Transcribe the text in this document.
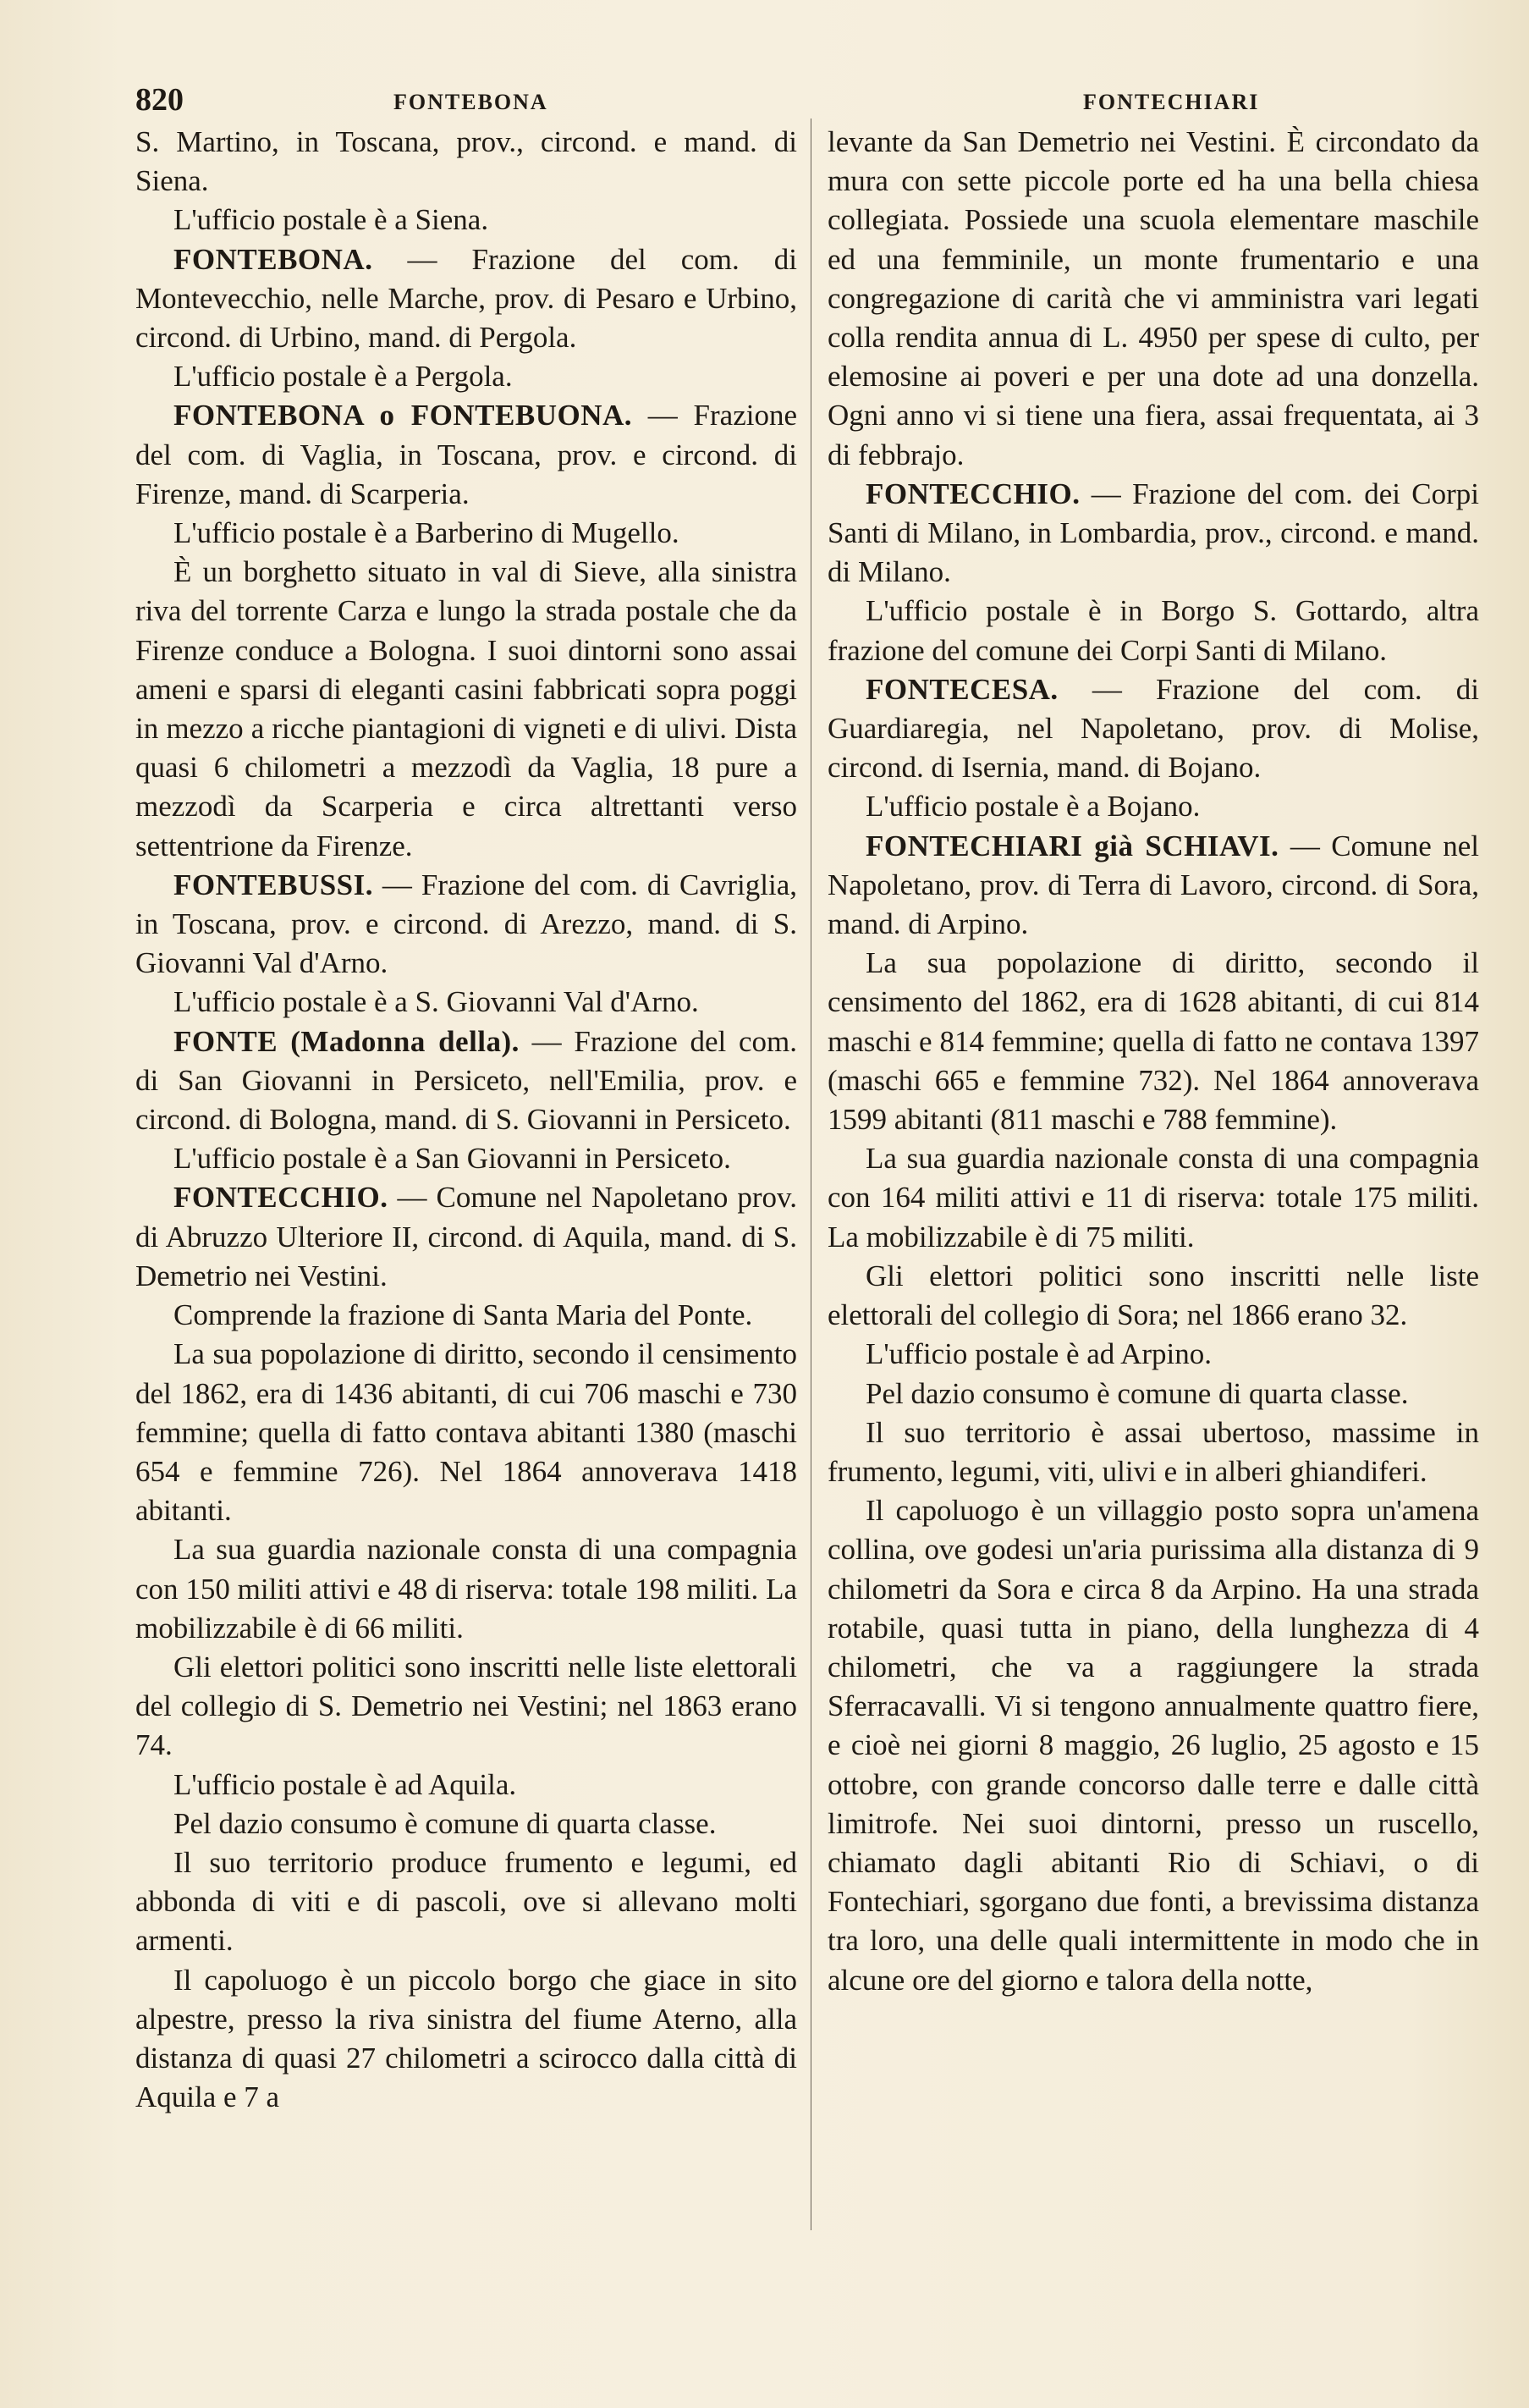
820	FONTEBONA	FONTECHIARI

S. Martino, in Toscana, prov., circond. e mand. di Siena.

L'ufficio postale è a Siena.

FONTEBONA. — Frazione del com. di Montevecchio, nelle Marche, prov. di Pesaro e Urbino, circond. di Urbino, mand. di Pergola.

L'ufficio postale è a Pergola.

FONTEBONA o FONTEBUONA. — Frazione del com. di Vaglia, in Toscana, prov. e circond. di Firenze, mand. di Scarperia.

L'ufficio postale è a Barberino di Mugello.

È un borghetto situato in val di Sieve, alla sinistra riva del torrente Carza e lungo la strada postale che da Firenze conduce a Bologna. I suoi dintorni sono assai ameni e sparsi di eleganti casini fabbricati sopra poggi in mezzo a ricche piantagioni di vigneti e di ulivi. Dista quasi 6 chilometri a mezzodì da Vaglia, 18 pure a mezzodì da Scarperia e circa altrettanti verso settentrione da Firenze.

FONTEBUSSI. — Frazione del com. di Cavriglia, in Toscana, prov. e circond. di Arezzo, mand. di S. Giovanni Val d'Arno.

L'ufficio postale è a S. Giovanni Val d'Arno.

FONTE (Madonna della). — Frazione del com. di San Giovanni in Persiceto, nell'Emilia, prov. e circond. di Bologna, mand. di S. Giovanni in Persiceto.

L'ufficio postale è a San Giovanni in Persiceto.

FONTECCHIO. — Comune nel Napoletano prov. di Abruzzo Ulteriore II, circond. di Aquila, mand. di S. Demetrio nei Vestini.

Comprende la frazione di Santa Maria del Ponte.

La sua popolazione di diritto, secondo il censimento del 1862, era di 1436 abitanti, di cui 706 maschi e 730 femmine; quella di fatto contava abitanti 1380 (maschi 654 e femmine 726). Nel 1864 annoverava 1418 abitanti.

La sua guardia nazionale consta di una compagnia con 150 militi attivi e 48 di riserva: totale 198 militi. La mobilizzabile è di 66 militi.

Gli elettori politici sono inscritti nelle liste elettorali del collegio di S. Demetrio nei Vestini; nel 1863 erano 74.

L'ufficio postale è ad Aquila.

Pel dazio consumo è comune di quarta classe.

Il suo territorio produce frumento e legumi, ed abbonda di viti e di pascoli, ove si allevano molti armenti.

Il capoluogo è un piccolo borgo che giace in sito alpestre, presso la riva sinistra del fiume Aterno, alla distanza di quasi 27 chilometri a scirocco dalla città di Aquila e 7 a

levante da San Demetrio nei Vestini. È circondato da mura con sette piccole porte ed ha una bella chiesa collegiata. Possiede una scuola elementare maschile ed una femminile, un monte frumentario e una congregazione di carità che vi amministra vari legati colla rendita annua di L. 4950 per spese di culto, per elemosine ai poveri e per una dote ad una donzella. Ogni anno vi si tiene una fiera, assai frequentata, ai 3 di febbrajo.

FONTECCHIO. — Frazione del com. dei Corpi Santi di Milano, in Lombardia, prov., circond. e mand. di Milano.

L'ufficio postale è in Borgo S. Gottardo, altra frazione del comune dei Corpi Santi di Milano.

FONTECESA. — Frazione del com. di Guardiaregia, nel Napoletano, prov. di Molise, circond. di Isernia, mand. di Bojano.

L'ufficio postale è a Bojano.

FONTECHIARI già SCHIAVI. — Comune nel Napoletano, prov. di Terra di Lavoro, circond. di Sora, mand. di Arpino.

La sua popolazione di diritto, secondo il censimento del 1862, era di 1628 abitanti, di cui 814 maschi e 814 femmine; quella di fatto ne contava 1397 (maschi 665 e femmine 732). Nel 1864 annoverava 1599 abitanti (811 maschi e 788 femmine).

La sua guardia nazionale consta di una compagnia con 164 militi attivi e 11 di riserva: totale 175 militi. La mobilizzabile è di 75 militi.

Gli elettori politici sono inscritti nelle liste elettorali del collegio di Sora; nel 1866 erano 32.

L'ufficio postale è ad Arpino.

Pel dazio consumo è comune di quarta classe.

Il suo territorio è assai ubertoso, massime in frumento, legumi, viti, ulivi e in alberi ghiandiferi.

Il capoluogo è un villaggio posto sopra un'amena collina, ove godesi un'aria purissima alla distanza di 9 chilometri da Sora e circa 8 da Arpino. Ha una strada rotabile, quasi tutta in piano, della lunghezza di 4 chilometri, che va a raggiungere la strada Sferracavalli. Vi si tengono annualmente quattro fiere, e cioè nei giorni 8 maggio, 26 luglio, 25 agosto e 15 ottobre, con grande concorso dalle terre e dalle città limitrofe. Nei suoi dintorni, presso un ruscello, chiamato dagli abitanti Rio di Schiavi, o di Fontechiari, sgorgano due fonti, a brevissima distanza tra loro, una delle quali intermittente in modo che in alcune ore del giorno e talora della notte,
